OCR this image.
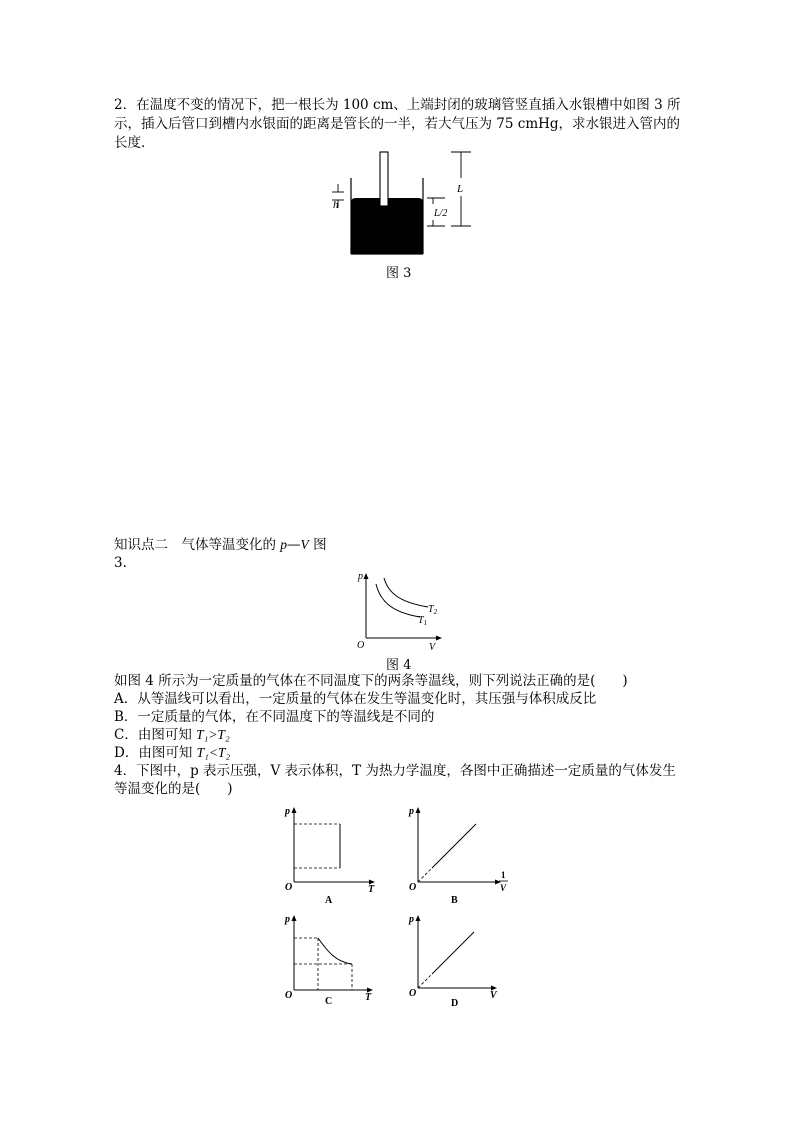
2．在温度不变的情况下，把一根长为 100 cm、上端封闭的玻璃管竖直插入水银槽中如图 3 所
示，插入后管口到槽内水银面的距离是管长的一半，若大气压为 75 cmHg，求水银进入管内的
长度．
h
L
L/2
图 3
知识点二　气体等温变化的 p—V 图
3.
p
O	V
$T_2$
$T_1$
图 4
如图 4 所示为一定质量的气体在不同温度下的两条等温线，则下列说法正确的是(　　)
A．从等温线可以看出，一定质量的气体在发生等温变化时，其压强与体积成反比
B．一定质量的气体，在不同温度下的等温线是不同的
C．由图可知 T₁>T₂
D．由图可知 T₁<T₂
4．下图中，p 表示压强，V 表示体积，T 为热力学温度，各图中正确描述一定质量的气体发生
等温变化的是(　　)
p
O	T
A
p
O
1
V
B
p
O	T
C
p
O	V
D
